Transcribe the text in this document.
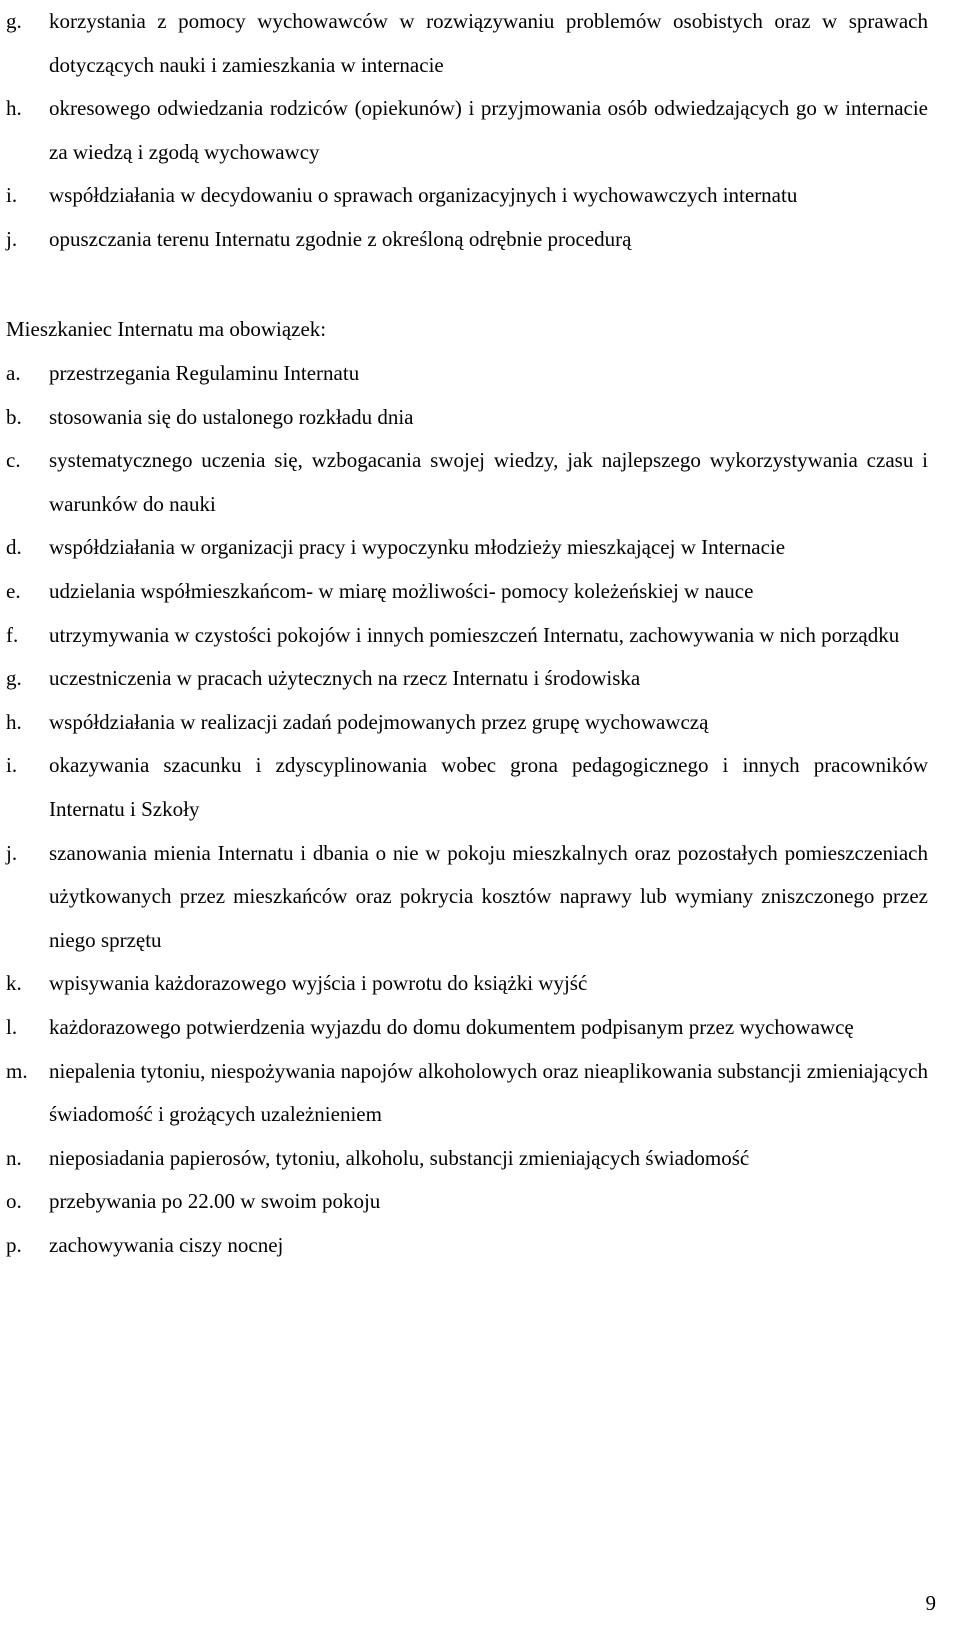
g.	korzystania z pomocy wychowawców w rozwiązywaniu problemów osobistych oraz w sprawach dotyczących nauki i zamieszkania w internacie
h.	okresowego odwiedzania rodziców (opiekunów) i przyjmowania osób odwiedzających go w internacie za wiedzą i zgodą wychowawcy
i.	współdziałania w decydowaniu o sprawach organizacyjnych i wychowawczych internatu
j.	opuszczania terenu Internatu zgodnie z określoną odrębnie procedurą

Mieszkaniec Internatu ma obowiązek:

a.	przestrzegania Regulaminu Internatu
b.	stosowania się do ustalonego rozkładu dnia
c.	systematycznego uczenia się, wzbogacania swojej wiedzy, jak najlepszego wykorzystywania czasu i warunków do nauki
d.	współdziałania w organizacji pracy i wypoczynku młodzieży mieszkającej w Internacie
e.	udzielania współmieszkańcom- w miarę możliwości- pomocy koleżeńskiej w nauce
f.	utrzymywania w czystości pokojów i innych pomieszczeń Internatu, zachowywania w nich porządku
g.	uczestniczenia w pracach użytecznych na rzecz Internatu i środowiska
h.	współdziałania w realizacji zadań podejmowanych przez grupę wychowawczą
i.	okazywania szacunku i zdyscyplinowania wobec grona pedagogicznego i innych pracowników Internatu i Szkoły
j.	szanowania mienia Internatu i dbania o nie w pokoju mieszkalnych oraz pozostałych pomieszczeniach użytkowanych przez mieszkańców oraz pokrycia kosztów naprawy lub wymiany zniszczonego przez niego sprzętu
k.	wpisywania każdorazowego wyjścia i powrotu do książki wyjść
l.	każdorazowego potwierdzenia wyjazdu do domu dokumentem podpisanym przez wychowawcę
m.	niepalenia tytoniu, niespożywania napojów alkoholowych oraz nieaplikowania substancji zmieniających świadomość i grożących uzależnieniem
n.	nieposiadania papierosów, tytoniu, alkoholu, substancji zmieniających świadomość
o.	przebywania po 22.00 w swoim pokoju
p.	zachowywania ciszy nocnej
9
